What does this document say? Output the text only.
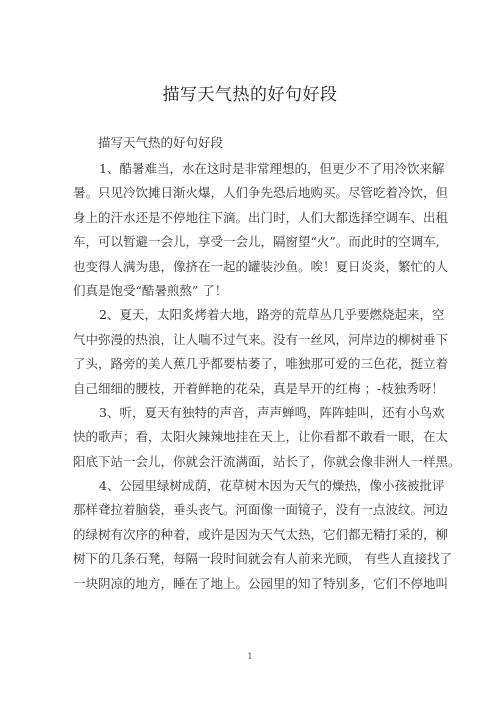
描写天气热的好句好段
描写天气热的好句好段
1、酷暑难当，水在这时是非常理想的，但更少不了用冷饮来解
暑。只见冷饮摊日渐火爆，人们争先恐后地购买。尽管吃着冷饮，但
身上的汗水还是不停地往下滴。出门时，人们大都选择空调车、出租
车，可以暂避一会儿，享受一会儿，隔窗望“火”。而此时的空调车,
也变得人满为患，像挤在一起的罐装沙鱼。唉！夏日炎炎，繁忙的人
们真是饱受“酷暑煎熬” 了！
2、夏天，太阳炙烤着大地，路旁的荒草丛几乎要燃烧起来，空
气中弥漫的热浪，让人喘不过气来。没有一丝风，河岸边的柳树垂下
了头，路旁的美人蕉几乎都要枯萎了，唯独那可爱的三色花，挺立着
自己细细的腰枝，开着鲜艳的花朵，真是旱开的红梅 ；-枝独秀呀！
3、听，夏天有独特的声音，声声蝉鸣，阵阵蛙叫，还有小鸟欢
快的歌声；看，太阳火辣辣地挂在天上，让你看都不敢看一眼，在太
阳底下站一会儿，你就会汗流满面，站长了，你就会像非洲人一样黑。
4、公园里绿树成荫，花草树木因为天气的燥热，像小孩被批评
那样聋拉着脑袋，垂头丧气。河面像一面镜子，没有一点波纹。河边
的绿树有次序的种着，或许是因为天气太热，它们都无精打采的，柳
树下的几条石凳，每隔一段时间就会有人前来光顾， 有些人直接找了
一块阴凉的地方，睡在了地上。公园里的知了特别多，它们不停地叫
1
